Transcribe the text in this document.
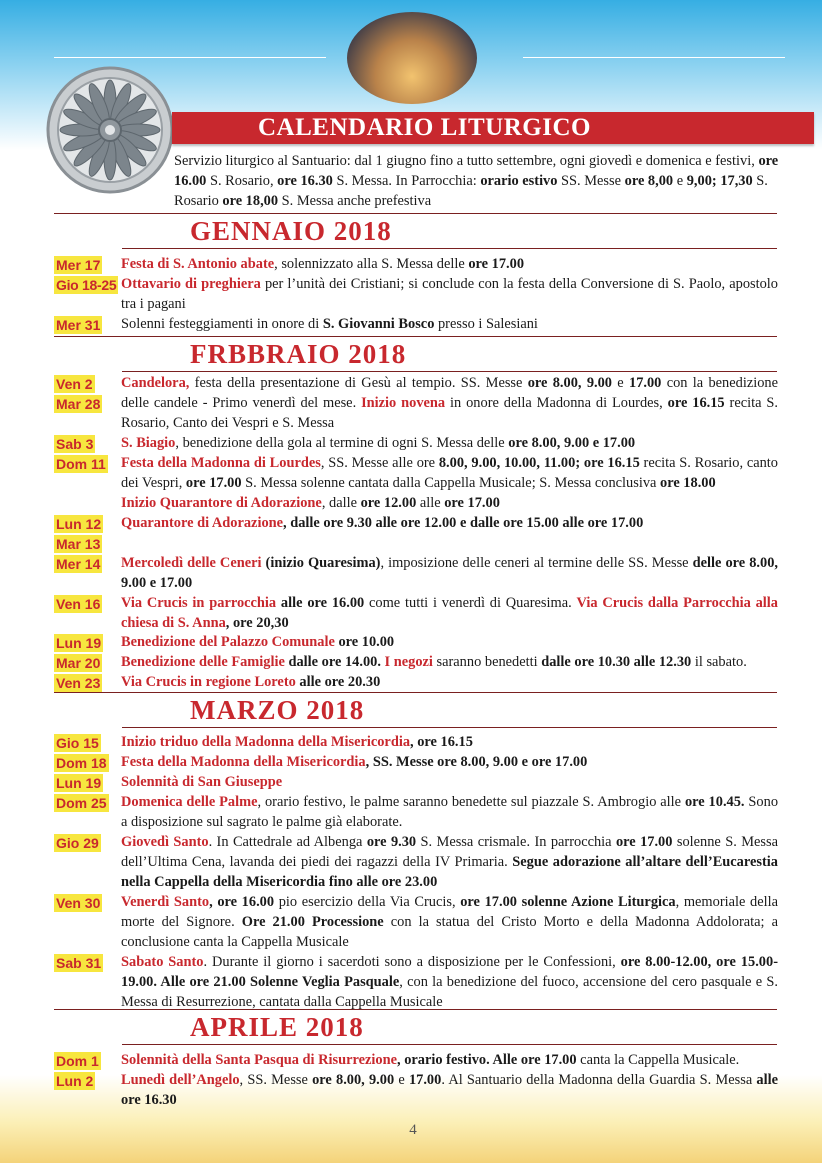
CALENDARIO LITURGICO

Servizio liturgico al Santuario: dal 1 giugno fino a tutto settembre, ogni giovedì e domenica e festivi, ore 16.00 S. Rosario, ore 16.30 S. Messa. In Parrocchia: orario estivo SS. Messe ore 8,00 e 9,00; 17,30 S. Rosario ore 18,00 S. Messa anche prefestiva

GENNAIO 2018
FRBBRAIO 2018
MARZO 2018
APRILE 2018
Mer 17 Festa di S. Antonio abate, solennizzato alla S. Messa delle ore 17.00

Gio 18-25 Ottavario di preghiera per l’unità dei Cristiani; si conclude con la festa della Conversione di S. Paolo, apostolo tra i pagani

Mer 31 Solenni festeggiamenti in onore di S. Giovanni Bosco presso i Salesiani

Ven 2 Candelora, festa della presentazione di Gesù al tempio. SS. Messe ore 8.00, 9.00 e 17.00 con la benedizione delle candele - Primo venerdì del mese. Inizio novena in onore della Madonna di Lourdes, ore 16.15 recita S. Rosario, Canto dei Vespri e S. Messa

Mar 28
Sab 3 S. Biagio, benedizione della gola al termine di ogni S. Messa delle ore 8.00, 9.00 e 17.00

Dom 11 Festa della Madonna di Lourdes, SS. Messe alle ore 8.00, 9.00, 10.00, 11.00; ore 16.15 recita S. Rosario, canto dei Vespri, ore 17.00 S. Messa solenne cantata dalla Cappella Musicale; S. Messa conclusiva ore 18.00

Inizio Quarantore di Adorazione, dalle ore 12.00 alle ore 17.00

Lun 12 Quarantore di Adorazione, dalle ore 9.30 alle ore 12.00 e dalle ore 15.00 alle ore 17.00

Mar 13
Mer 14 Mercoledì delle Ceneri (inizio Quaresima), imposizione delle ceneri al termine delle SS. Messe delle ore 8.00, 9.00 e 17.00

Ven 16 Via Crucis in parrocchia alle ore 16.00 come tutti i venerdì di Quaresima. Via Crucis dalla Parrocchia alla chiesa di S. Anna, ore 20,30

Lun 19 Benedizione del Palazzo Comunale ore 10.00

Mar 20 Benedizione delle Famiglie dalle ore 14.00. I negozi saranno benedetti dalle ore 10.30 alle 12.30 il sabato.

Ven 23 Via Crucis in regione Loreto alle ore 20.30

Gio 15 Inizio triduo della Madonna della Misericordia, ore 16.15

Dom 18 Festa della Madonna della Misericordia, SS. Messe ore 8.00, 9.00 e ore 17.00

Lun 19 Solennità di San Giuseppe

Dom 25 Domenica delle Palme, orario festivo, le palme saranno benedette sul piazzale S. Ambrogio alle ore 10.45. Sono a disposizione sul sagrato le palme già elaborate.

Gio 29 Giovedì Santo. In Cattedrale ad Albenga ore 9.30 S. Messa crismale. In parrocchia ore 17.00 solenne S. Messa dell’Ultima Cena, lavanda dei piedi dei ragazzi della IV Primaria. Segue adorazione all’altare dell’Eucarestia nella Cappella della Misericordia fino alle ore 23.00

Ven 30 Venerdì Santo, ore 16.00 pio esercizio della Via Crucis, ore 17.00 solenne Azione Liturgica, memoriale della morte del Signore. Ore 21.00 Processione con la statua del Cristo Morto e della Madonna Addolorata; a conclusione canta la Cappella Musicale

Sab 31 Sabato Santo. Durante il giorno i sacerdoti sono a disposizione per le Confessioni, ore 8.00-12.00, ore 15.00-19.00. Alle ore 21.00 Solenne Veglia Pasquale, con la benedizione del fuoco, accensione del cero pasquale e S. Messa di Resurrezione, cantata dalla Cappella Musicale

Dom 1 Solennità della Santa Pasqua di Risurrezione, orario festivo. Alle ore 17.00 canta la Cappella Musicale.

Lun 2 Lunedì dell’Angelo, SS. Messe ore 8.00, 9.00 e 17.00. Al Santuario della Madonna della Guardia S. Messa alle ore 16.30

4
